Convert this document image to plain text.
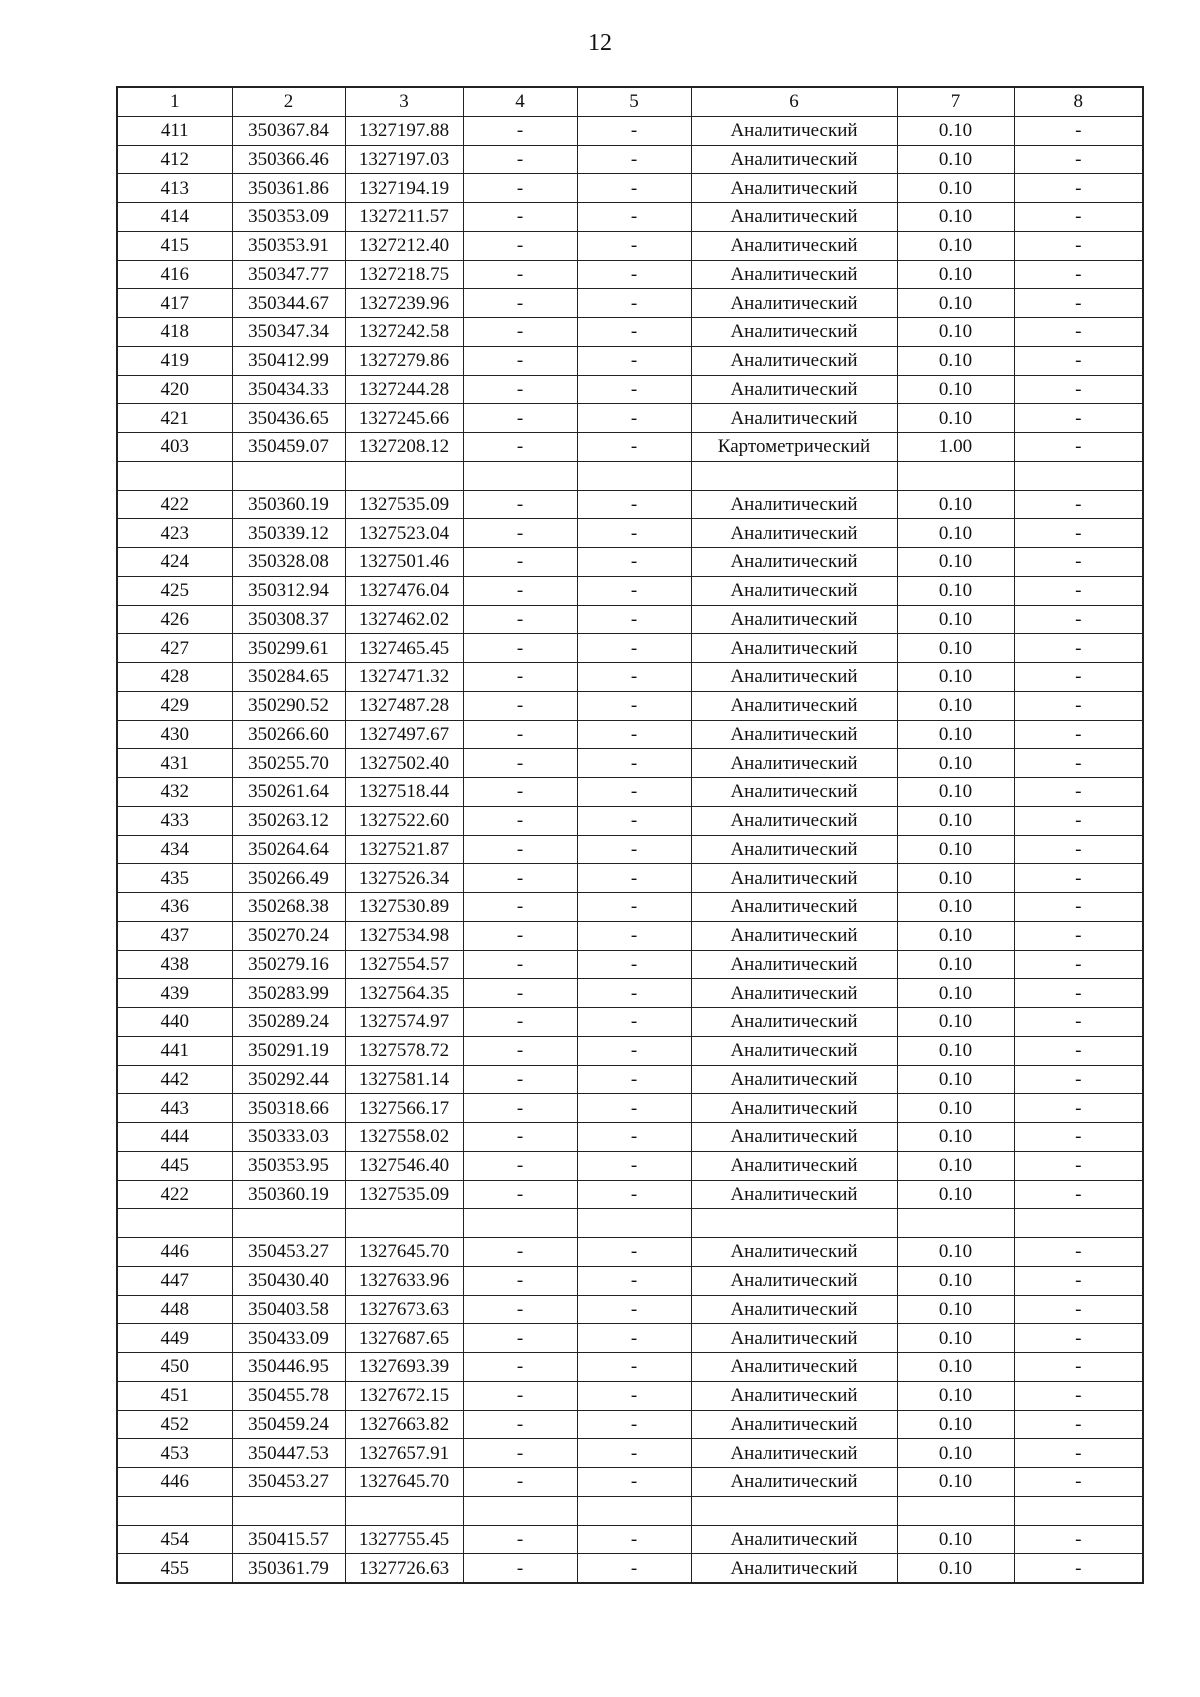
12
1	2	3	4	5	6	7	8
411	350367.84	1327197.88	-	-	Аналитический	0.10	-
412	350366.46	1327197.03	-	-	Аналитический	0.10	-
413	350361.86	1327194.19	-	-	Аналитический	0.10	-
414	350353.09	1327211.57	-	-	Аналитический	0.10	-
415	350353.91	1327212.40	-	-	Аналитический	0.10	-
416	350347.77	1327218.75	-	-	Аналитический	0.10	-
417	350344.67	1327239.96	-	-	Аналитический	0.10	-
418	350347.34	1327242.58	-	-	Аналитический	0.10	-
419	350412.99	1327279.86	-	-	Аналитический	0.10	-
420	350434.33	1327244.28	-	-	Аналитический	0.10	-
421	350436.65	1327245.66	-	-	Аналитический	0.10	-
403	350459.07	1327208.12	-	-	Картометрический	1.00	-

422	350360.19	1327535.09	-	-	Аналитический	0.10	-
423	350339.12	1327523.04	-	-	Аналитический	0.10	-
424	350328.08	1327501.46	-	-	Аналитический	0.10	-
425	350312.94	1327476.04	-	-	Аналитический	0.10	-
426	350308.37	1327462.02	-	-	Аналитический	0.10	-
427	350299.61	1327465.45	-	-	Аналитический	0.10	-
428	350284.65	1327471.32	-	-	Аналитический	0.10	-
429	350290.52	1327487.28	-	-	Аналитический	0.10	-
430	350266.60	1327497.67	-	-	Аналитический	0.10	-
431	350255.70	1327502.40	-	-	Аналитический	0.10	-
432	350261.64	1327518.44	-	-	Аналитический	0.10	-
433	350263.12	1327522.60	-	-	Аналитический	0.10	-
434	350264.64	1327521.87	-	-	Аналитический	0.10	-
435	350266.49	1327526.34	-	-	Аналитический	0.10	-
436	350268.38	1327530.89	-	-	Аналитический	0.10	-
437	350270.24	1327534.98	-	-	Аналитический	0.10	-
438	350279.16	1327554.57	-	-	Аналитический	0.10	-
439	350283.99	1327564.35	-	-	Аналитический	0.10	-
440	350289.24	1327574.97	-	-	Аналитический	0.10	-
441	350291.19	1327578.72	-	-	Аналитический	0.10	-
442	350292.44	1327581.14	-	-	Аналитический	0.10	-
443	350318.66	1327566.17	-	-	Аналитический	0.10	-
444	350333.03	1327558.02	-	-	Аналитический	0.10	-
445	350353.95	1327546.40	-	-	Аналитический	0.10	-
422	350360.19	1327535.09	-	-	Аналитический	0.10	-

446	350453.27	1327645.70	-	-	Аналитический	0.10	-
447	350430.40	1327633.96	-	-	Аналитический	0.10	-
448	350403.58	1327673.63	-	-	Аналитический	0.10	-
449	350433.09	1327687.65	-	-	Аналитический	0.10	-
450	350446.95	1327693.39	-	-	Аналитический	0.10	-
451	350455.78	1327672.15	-	-	Аналитический	0.10	-
452	350459.24	1327663.82	-	-	Аналитический	0.10	-
453	350447.53	1327657.91	-	-	Аналитический	0.10	-
446	350453.27	1327645.70	-	-	Аналитический	0.10	-

454	350415.57	1327755.45	-	-	Аналитический	0.10	-
455	350361.79	1327726.63	-	-	Аналитический	0.10	-
